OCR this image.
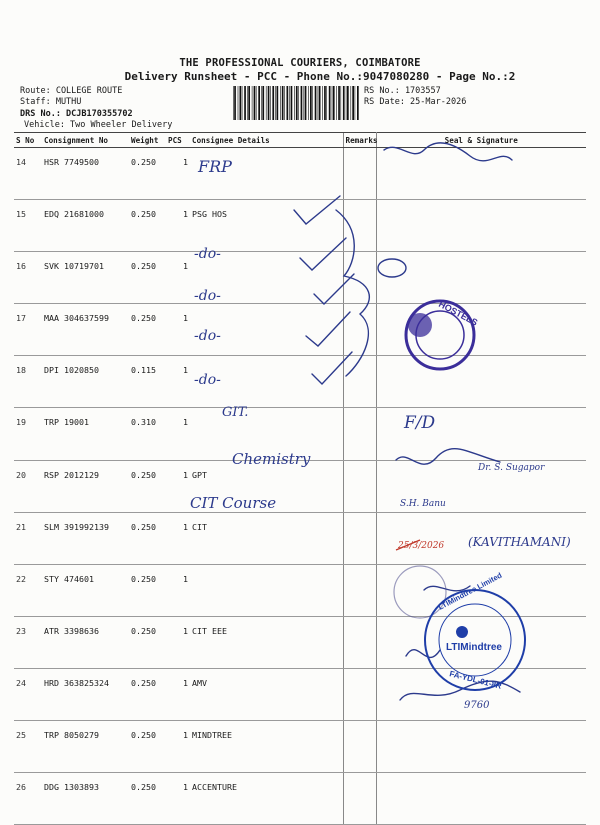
THE PROFESSIONAL COURIERS, COIMBATORE
Delivery Runsheet - PCC - Phone No.:9047080280 - Page No.:2
Route: COLLEGE ROUTE
Staff: MUTHU
DRS No.: DCJB170355702
Vehicle: Two Wheeler Delivery
RS No.: 1703557
RS Date: 25-Mar-2026
S No	Consignment No	Weight	PCS	Consignee Details	Remarks	Seal & Signature
14	HSR 7749500	0.250	1			
15	EDQ 21681000	0.250	1	PSG HOS		
16	SVK 10719701	0.250	1			
17	MAA 304637599	0.250	1			
18	DPI 1020850	0.115	1			
19	TRP 19001	0.310	1			
20	RSP 2012129	0.250	1	GPT		
21	SLM 391992139	0.250	1	CIT		
22	STY 474601	0.250	1			
23	ATR 3398636	0.250	1	CIT EEE		
24	HRD 363825324	0.250	1	AMV		
25	TRP 8050279	0.250	1	MINDTREE		
26	DDG 1303893	0.250	1	ACCENTURE		
FRP
-do-
-do-
-do-
-do-
GIT.
F/D
Chemistry	Dr. S. Sugapor
CIT Course	S.H. Banu
(KAVITHAMANI)
9760
25/3/2026
HOSTELS
LTIMindtree
LTIMindtree Limited
FA-YDL-01-8R
